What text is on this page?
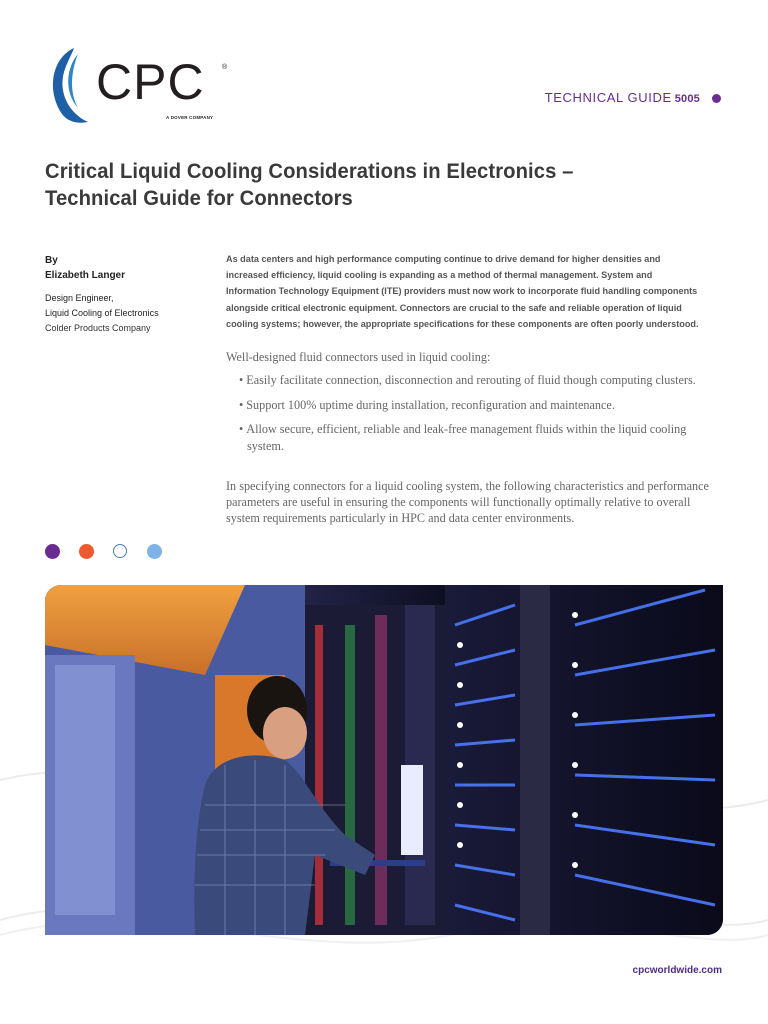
CPC ®
A DOVER COMPANY
TECHNICAL GUIDE 5005
Critical Liquid Cooling Considerations in Electronics –
Technical Guide for Connectors
By
Elizabeth Langer
Design Engineer,
Liquid Cooling of Electronics
Colder Products Company
As data centers and high performance computing continue to drive demand for higher densities and increased efficiency, liquid cooling is expanding as a method of thermal management. System and Information Technology Equipment (ITE) providers must now work to incorporate fluid handling components alongside critical electronic equipment. Connectors are crucial to the safe and reliable operation of liquid cooling systems; however, the appropriate specifications for these components are often poorly understood.
Well-designed fluid connectors used in liquid cooling:
• Easily facilitate connection, disconnection and rerouting of fluid though computing clusters.
• Support 100% uptime during installation, reconfiguration and maintenance.
• Allow secure, efficient, reliable and leak-free management fluids within the liquid cooling system.
In specifying connectors for a liquid cooling system, the following characteristics and performance parameters are useful in ensuring the components will functionally optimally relative to overall system requirements particularly in HPC and data center environments.
cpcworldwide.com
